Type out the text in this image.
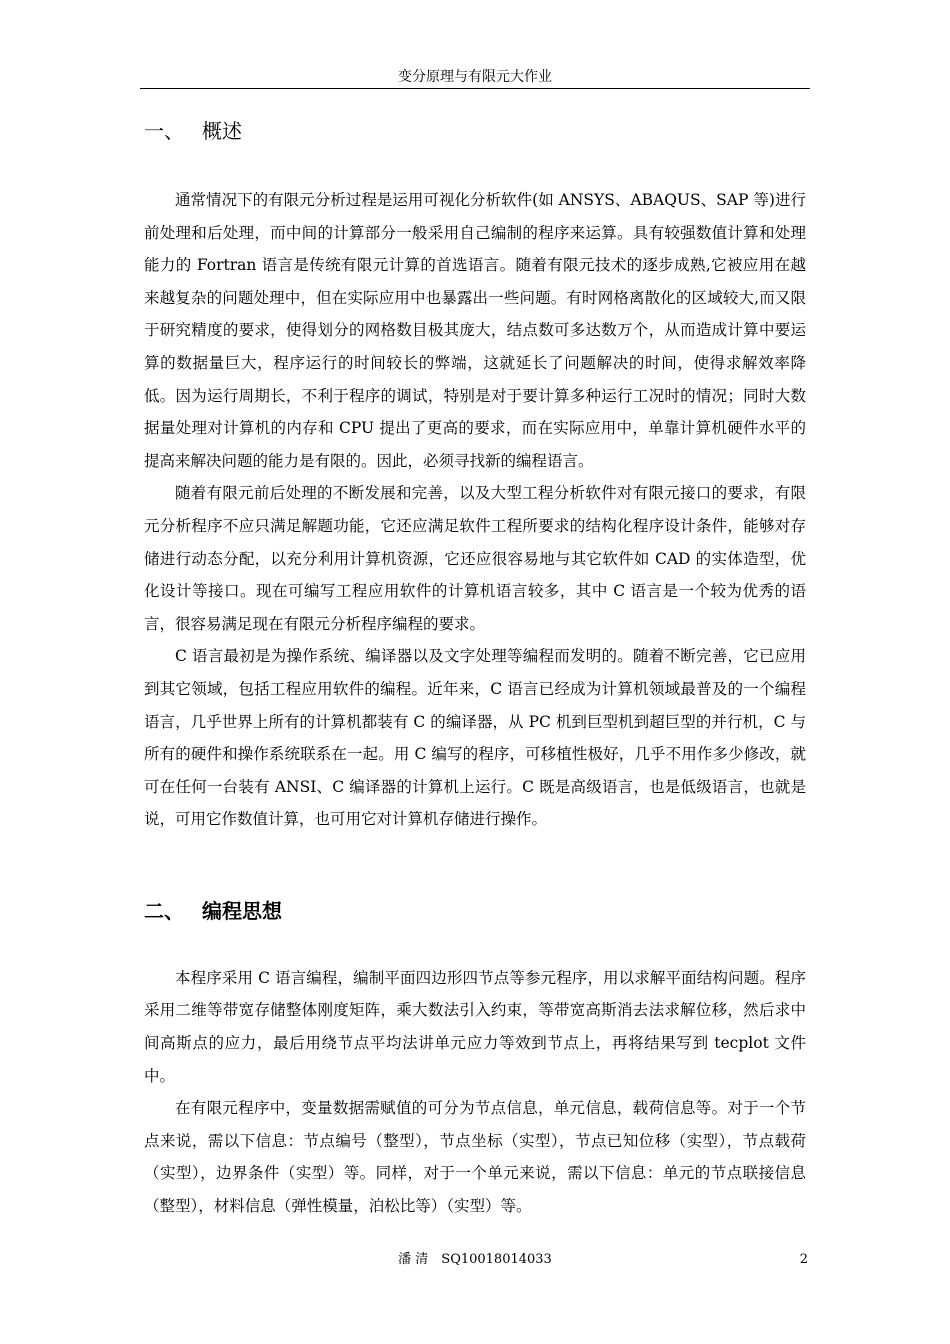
变分原理与有限元大作业
一、 概述

通常情况下的有限元分析过程是运用可视化分析软件(如 ANSYS、ABAQUS、SAP 等)进行前处理和后处理，而中间的计算部分一般采用自己编制的程序来运算。具有较强数值计算和处理能力的 Fortran 语言是传统有限元计算的首选语言。随着有限元技术的逐步成熟,它被应用在越来越复杂的问题处理中，但在实际应用中也暴露出一些问题。有时网格离散化的区域较大,而又限于研究精度的要求，使得划分的网格数目极其庞大，结点数可多达数万个，从而造成计算中要运算的数据量巨大，程序运行的时间较长的弊端，这就延长了问题解决的时间，使得求解效率降低。因为运行周期长，不利于程序的调试，特别是对于要计算多种运行工况时的情况；同时大数据量处理对计算机的内存和 CPU 提出了更高的要求，而在实际应用中，单靠计算机硬件水平的提高来解决问题的能力是有限的。因此，必须寻找新的编程语言。

随着有限元前后处理的不断发展和完善，以及大型工程分析软件对有限元接口的要求，有限元分析程序不应只满足解题功能，它还应满足软件工程所要求的结构化程序设计条件，能够对存储进行动态分配，以充分利用计算机资源，它还应很容易地与其它软件如 CAD 的实体造型，优化设计等接口。现在可编写工程应用软件的计算机语言较多，其中 C 语言是一个较为优秀的语言，很容易满足现在有限元分析程序编程的要求。

C 语言最初是为操作系统、编译器以及文字处理等编程而发明的。随着不断完善，它已应用到其它领域，包括工程应用软件的编程。近年来，C 语言已经成为计算机领域最普及的一个编程语言，几乎世界上所有的计算机都装有 C 的编译器，从 PC 机到巨型机到超巨型的并行机，C 与所有的硬件和操作系统联系在一起。用 C 编写的程序，可移植性极好，几乎不用作多少修改，就可在任何一台装有 ANSI、C 编译器的计算机上运行。C 既是高级语言，也是低级语言，也就是说，可用它作数值计算，也可用它对计算机存储进行操作。

二、 编程思想

本程序采用 C 语言编程，编制平面四边形四节点等参元程序，用以求解平面结构问题。程序采用二维等带宽存储整体刚度矩阵，乘大数法引入约束，等带宽高斯消去法求解位移，然后求中间高斯点的应力，最后用绕节点平均法讲单元应力等效到节点上，再将结果写到 tecplot 文件中。

在有限元程序中，变量数据需赋值的可分为节点信息，单元信息，载荷信息等。对于一个节点来说，需以下信息：节点编号（整型），节点坐标（实型），节点已知位移（实型），节点载荷（实型），边界条件（实型）等。同样，对于一个单元来说，需以下信息：单元的节点联接信息（整型），材料信息（弹性模量，泊松比等）（实型）等。

潘 清　SQ10018014033	2
